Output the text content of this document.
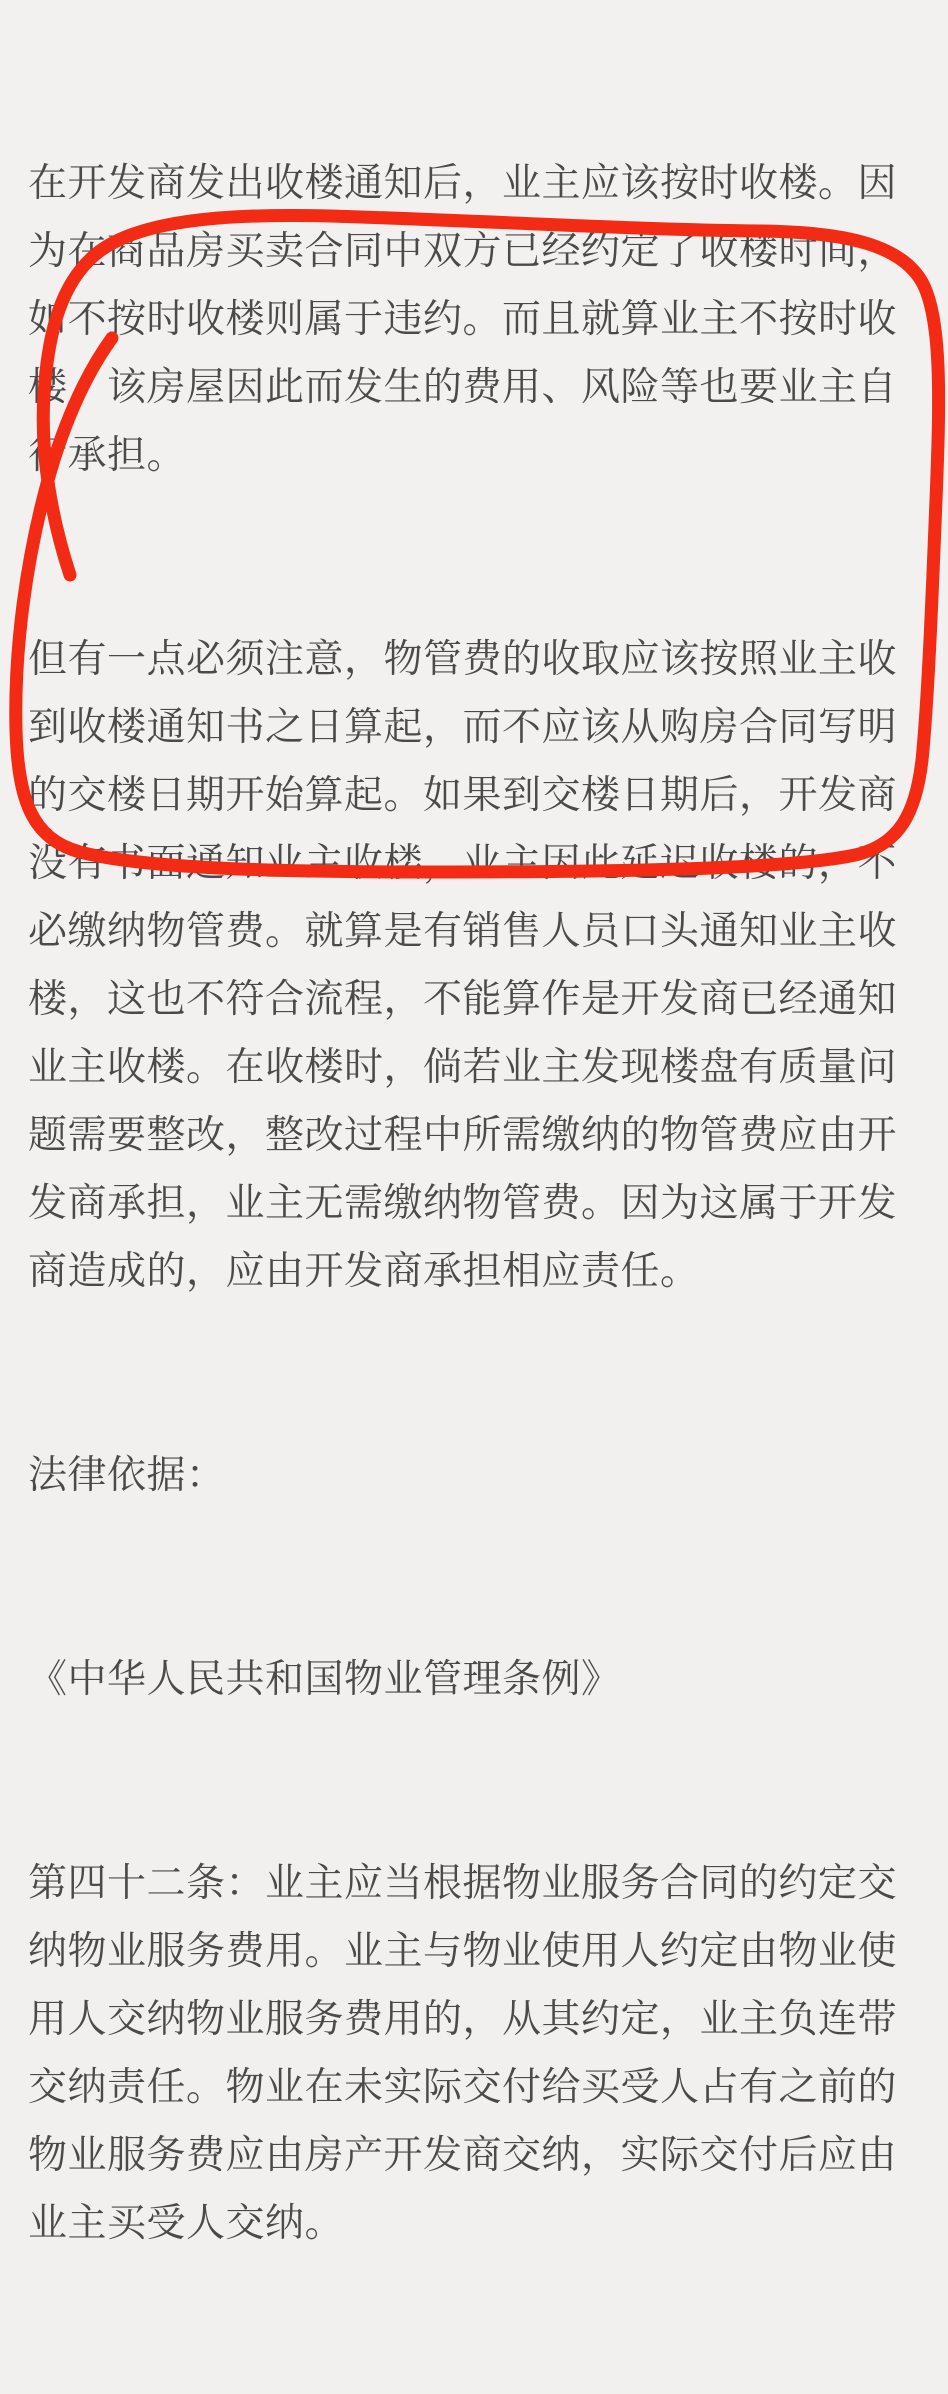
在开发商发出收楼通知后，业主应该按时收楼。因为在商品房买卖合同中双方已经约定了收楼时间，如不按时收楼则属于违约。而且就算业主不按时收楼，该房屋因此而发生的费用、风险等也要业主自行承担。

但有一点必须注意，物管费的收取应该按照业主收到收楼通知书之日算起，而不应该从购房合同写明的交楼日期开始算起。如果到交楼日期后，开发商没有书面通知业主收楼，业主因此延迟收楼的，不必缴纳物管费。就算是有销售人员口头通知业主收楼，这也不符合流程，不能算作是开发商已经通知业主收楼。在收楼时，倘若业主发现楼盘有质量问题需要整改，整改过程中所需缴纳的物管费应由开发商承担，业主无需缴纳物管费。因为这属于开发商造成的，应由开发商承担相应责任。

法律依据：

《中华人民共和国物业管理条例》

第四十二条：业主应当根据物业服务合同的约定交纳物业服务费用。业主与物业使用人约定由物业使用人交纳物业服务费用的，从其约定，业主负连带交纳责任。物业在未实际交付给买受人占有之前的物业服务费应由房产开发商交纳，实际交付后应由业主买受人交纳。
